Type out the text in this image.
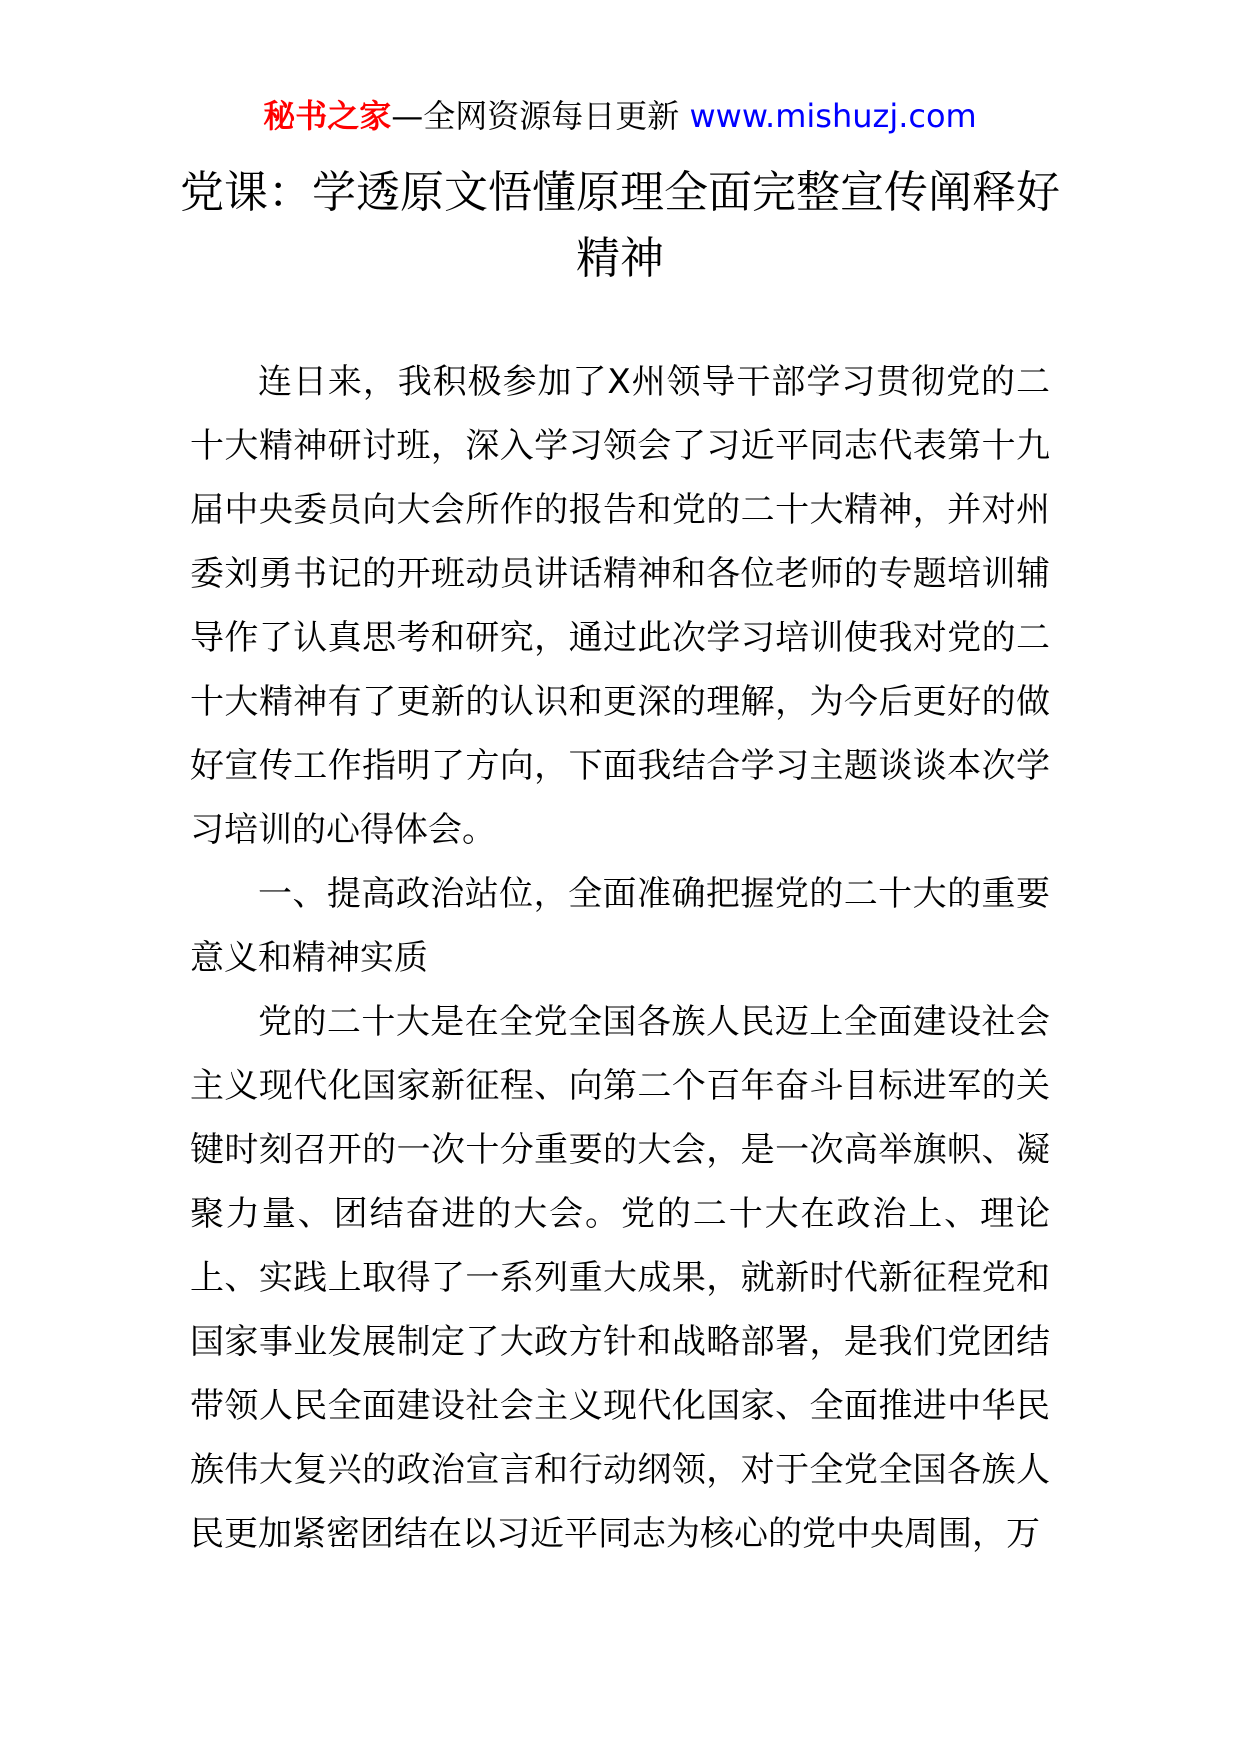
秘书之家—全网资源每日更新 www.mishuzj.com
党课：学透原文悟懂原理全面完整宣传阐释好精神

连日来，我积极参加了X州领导干部学习贯彻党的二十大精神研讨班，深入学习领会了习近平同志代表第十九届中央委员向大会所作的报告和党的二十大精神，并对州委刘勇书记的开班动员讲话精神和各位老师的专题培训辅导作了认真思考和研究，通过此次学习培训使我对党的二十大精神有了更新的认识和更深的理解，为今后更好的做好宣传工作指明了方向，下面我结合学习主题谈谈本次学习培训的心得体会。

一、提高政治站位，全面准确把握党的二十大的重要意义和精神实质

党的二十大是在全党全国各族人民迈上全面建设社会主义现代化国家新征程、向第二个百年奋斗目标进军的关键时刻召开的一次十分重要的大会，是一次高举旗帜、凝聚力量、团结奋进的大会。党的二十大在政治上、理论上、实践上取得了一系列重大成果，就新时代新征程党和国家事业发展制定了大政方针和战略部署，是我们党团结带领人民全面建设社会主义现代化国家、全面推进中华民族伟大复兴的政治宣言和行动纲领，对于全党全国各族人民更加紧密团结在以习近平同志为核心的党中央周围，万
